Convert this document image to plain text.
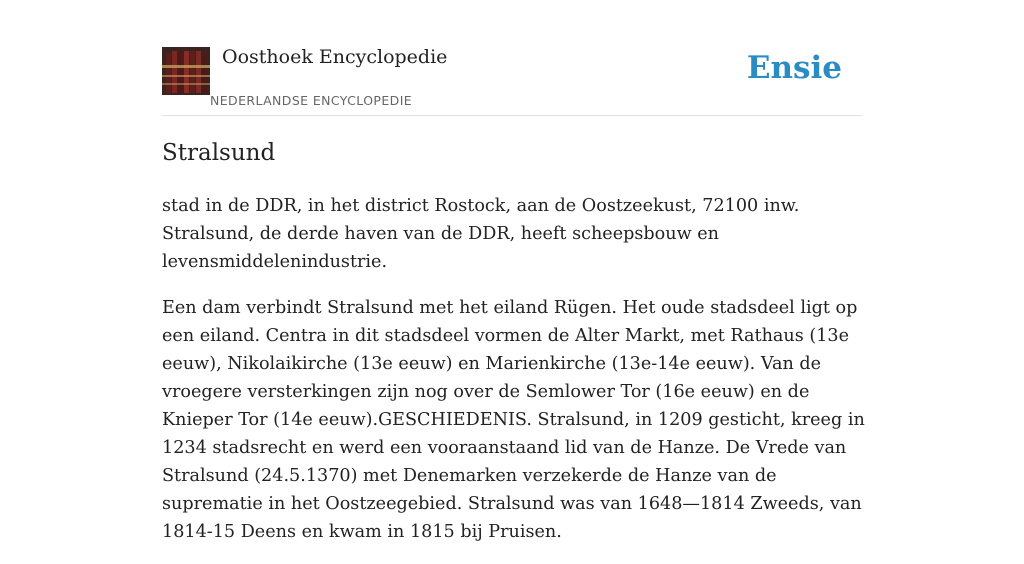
Oosthoek Encyclopedie
NEDERLANDSE ENCYCLOPEDIE
Ensie
Stralsund

stad in de DDR, in het district Rostock, aan de Oostzeekust, 72100 inw. Stralsund, de derde haven van de DDR, heeft scheepsbouw en levensmiddelenindustrie.

Een dam verbindt Stralsund met het eiland Rügen. Het oude stadsdeel ligt op een eiland. Centra in dit stadsdeel vormen de Alter Markt, met Rathaus (13e eeuw), Nikolaikirche (13e eeuw) en Marienkirche (13e-14e eeuw). Van de vroegere versterkingen zijn nog over de Semlower Tor (16e eeuw) en de Knieper Tor (14e eeuw).GESCHIEDENIS. Stralsund, in 1209 gesticht, kreeg in 1234 stadsrecht en werd een vooraanstaand lid van de Hanze. De Vrede van Stralsund (24.5.1370) met Denemarken verzekerde de Hanze van de suprematie in het Oostzeegebied. Stralsund was van 1648—1814 Zweeds, van 1814-15 Deens en kwam in 1815 bij Pruisen.
